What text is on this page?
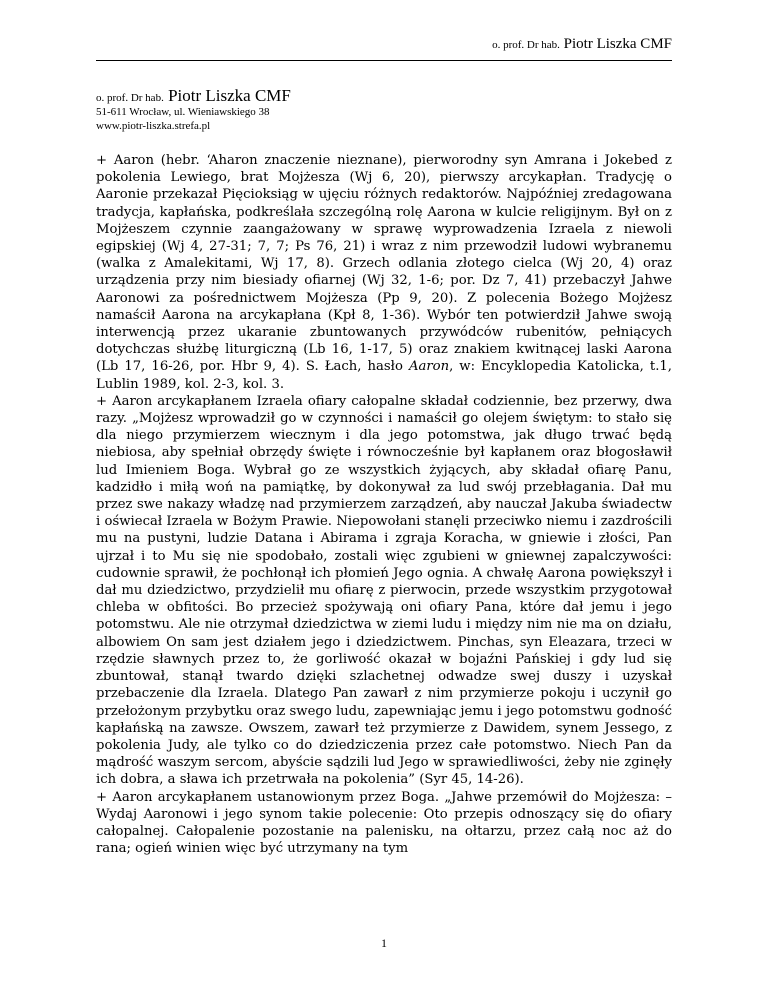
o. prof. Dr hab. Piotr Liszka CMF
o. prof. Dr hab. Piotr Liszka CMF
51-611 Wrocław, ul. Wieniawskiego 38
www.piotr-liszka.strefa.pl

+ Aaron (hebr. ‘Aharon znaczenie nieznane), pierworodny syn Amrana i Jokebed z pokolenia Lewiego, brat Mojżesza (Wj 6, 20), pierwszy arcykapłan. Tradycję o Aaronie przekazał Pięcioksiąg w ujęciu różnych redaktorów. Najpóźniej zredagowana tradycja, kapłańska, podkreślała szczególną rolę Aarona w kulcie religijnym. Był on z Mojżeszem czynnie zaangażowany w sprawę wyprowadzenia Izraela z niewoli egipskiej (Wj 4, 27-31; 7, 7; Ps 76, 21) i wraz z nim przewodził ludowi wybranemu (walka z Amalekitami, Wj 17, 8). Grzech odlania złotego cielca (Wj 20, 4) oraz urządzenia przy nim biesiady ofiarnej (Wj 32, 1-6; por. Dz 7, 41) przebaczył Jahwe Aaronowi za pośrednictwem Mojżesza (Pp 9, 20). Z polecenia Bożego Mojżesz namaścił Aarona na arcykapłana (Kpł 8, 1-36). Wybór ten potwierdził Jahwe swoją interwencją przez ukaranie zbuntowanych przywódców rubenitów, pełniących dotychczas służbę liturgiczną (Lb 16, 1-17, 5) oraz znakiem kwitnącej laski Aarona (Lb 17, 16-26, por. Hbr 9, 4). S. Łach, hasło Aaron, w: Encyklopedia Katolicka, t.1, Lublin 1989, kol. 2-3, kol. 3.

+ Aaron arcykapłanem Izraela ofiary całopalne składał codziennie, bez przerwy, dwa razy. „Mojżesz wprowadził go w czynności i namaścił go olejem świętym: to stało się dla niego przymierzem wiecznym i dla jego potomstwa, jak długo trwać będą niebiosa, aby spełniał obrzędy święte i równocześnie był kapłanem oraz błogosławił lud Imieniem Boga. Wybrał go ze wszystkich żyjących, aby składał ofiarę Panu, kadzidło i miłą woń na pamiątkę, by dokonywał za lud swój przebłagania. Dał mu przez swe nakazy władzę nad przymierzem zarządzeń, aby nauczał Jakuba świadectw i oświecał Izraela w Bożym Prawie. Niepowołani stanęli przeciwko niemu i zazdrościli mu na pustyni, ludzie Datana i Abirama i zgraja Koracha, w gniewie i złości, Pan ujrzał i to Mu się nie spodobało, zostali więc zgubieni w gniewnej zapalczywości: cudownie sprawił, że pochłonął ich płomień Jego ognia. A chwałę Aarona powiększył i dał mu dziedzictwo, przydzielił mu ofiarę z pierwocin, przede wszystkim przygotował chleba w obfitości. Bo przecież spożywają oni ofiary Pana, które dał jemu i jego potomstwu. Ale nie otrzymał dziedzictwa w ziemi ludu i między nim nie ma on działu, albowiem On sam jest działem jego i dziedzictwem. Pinchas, syn Eleazara, trzeci w rzędzie sławnych przez to, że gorliwość okazał w bojaźni Pańskiej i gdy lud się zbuntował, stanął twardo dzięki szlachetnej odwadze swej duszy i uzyskał przebaczenie dla Izraela. Dlatego Pan zawarł z nim przymierze pokoju i uczynił go przełożonym przybytku oraz swego ludu, zapewniając jemu i jego potomstwu godność kapłańską na zawsze. Owszem, zawarł też przymierze z Dawidem, synem Jessego, z pokolenia Judy, ale tylko co do dziedziczenia przez całe potomstwo. Niech Pan da mądrość waszym sercom, abyście sądzili lud Jego w sprawiedliwości, żeby nie zginęły ich dobra, a sława ich przetrwała na pokolenia” (Syr 45, 14-26).

+ Aaron arcykapłanem ustanowionym przez Boga. „Jahwe przemówił do Mojżesza: – Wydaj Aaronowi i jego synom takie polecenie: Oto przepis odnoszący się do ofiary całopalnej. Całopalenie pozostanie na palenisku, na ołtarzu, przez całą noc aż do rana; ogień winien więc być utrzymany na tym

1
